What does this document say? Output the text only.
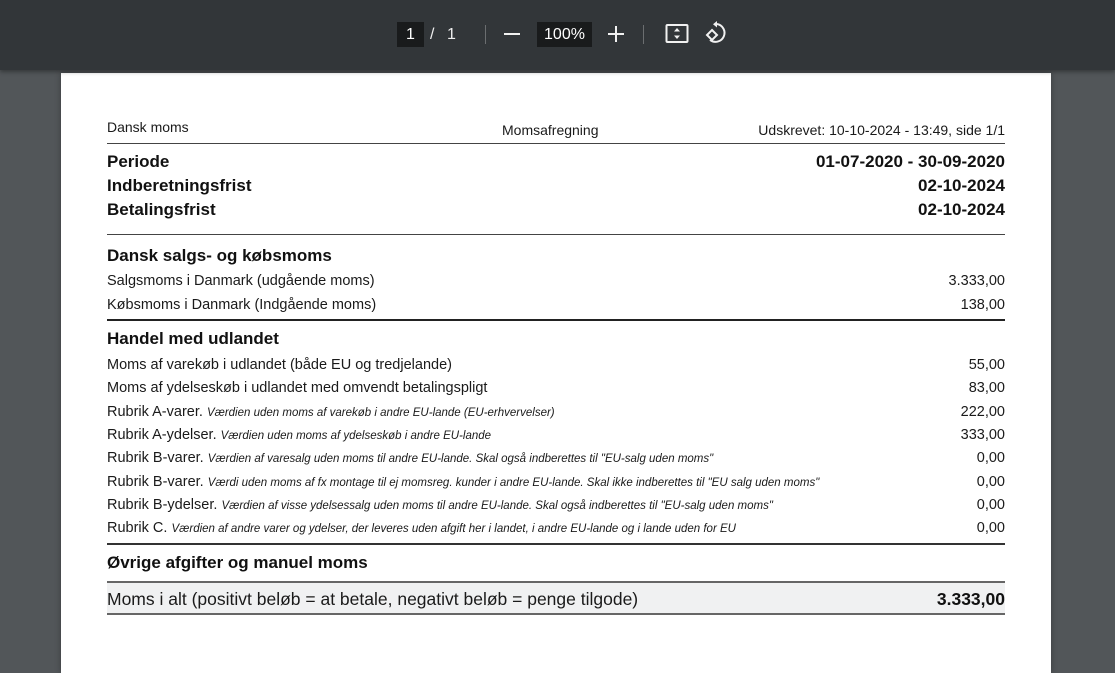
1 / 1	100%
Dansk moms	Momsafregning	Udskrevet: 10-10-2024 - 13:49, side 1/1
Periode	01-07-2020 - 30-09-2020
Indberetningsfrist	02-10-2024
Betalingsfrist	02-10-2024
Dansk salgs- og købsmoms
Salgsmoms i Danmark (udgående moms)	3.333,00
Købsmoms i Danmark (Indgående moms)	138,00
Handel med udlandet
Moms af varekøb i udlandet (både EU og tredjelande)	55,00
Moms af ydelseskøb i udlandet med omvendt betalingspligt	83,00
Rubrik A-varer. Værdien uden moms af varekøb i andre EU-lande (EU-erhvervelser)	222,00
Rubrik A-ydelser. Værdien uden moms af ydelseskøb i andre EU-lande	333,00
Rubrik B-varer. Værdien af varesalg uden moms til andre EU-lande. Skal også indberettes til "EU-salg uden moms"	0,00
Rubrik B-varer. Værdi uden moms af fx montage til ej momsreg. kunder i andre EU-lande. Skal ikke indberettes til "EU salg uden moms"	0,00
Rubrik B-ydelser. Værdien af visse ydelsessalg uden moms til andre EU-lande. Skal også indberettes til "EU-salg uden moms"	0,00
Rubrik C. Værdien af andre varer og ydelser, der leveres uden afgift her i landet, i andre EU-lande og i lande uden for EU	0,00
Øvrige afgifter og manuel moms
Moms i alt (positivt beløb = at betale, negativt beløb = penge tilgode)	3.333,00
